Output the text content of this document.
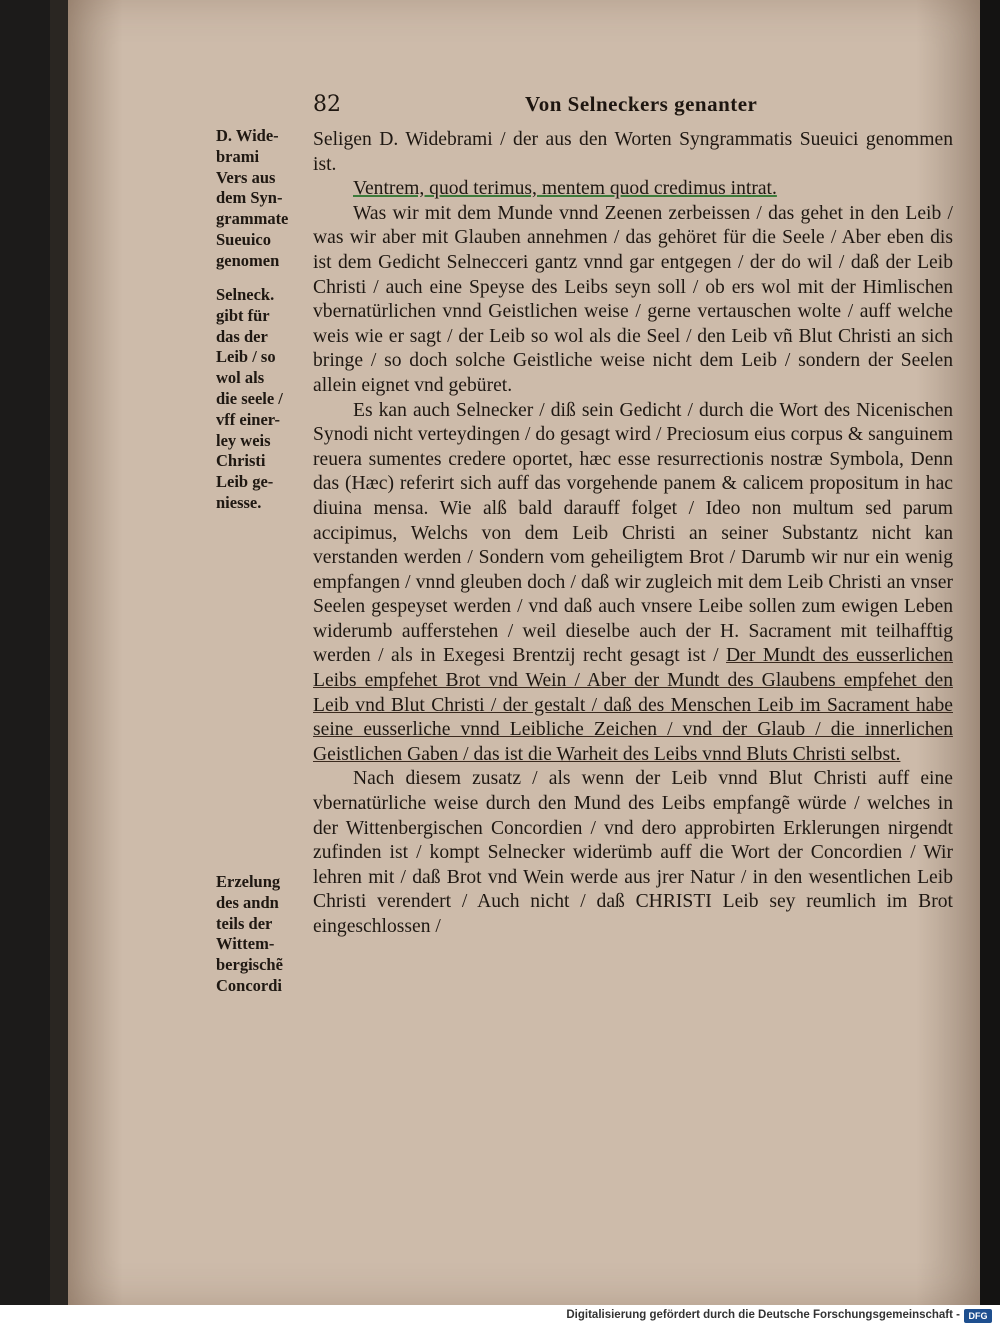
82	Von Selneckers genanter
D. Wide-
brami
Vers aus
dem Syn-
grammate
Sueuico
genomen
Selneck.
gibt für
das der
Leib / so
wol als
die seele /
vff einer-
ley weis
Christi
Leib ge-
niesse.
Erzelung
des andn
teils der
Wittem-
bergischẽ
Concordi

Seligen D. Widebrami / der aus den Worten Syngrammatis Sueuici genommen ist.

Ventrem, quod terimus, mentem quod credimus intrat.

Was wir mit dem Munde vnnd Zeenen zerbeissen / das gehet in den Leib / was wir aber mit Glauben annehmen / das gehöret für die Seele / Aber eben dis ist dem Gedicht Selnecceri gantz vnnd gar entgegen / der do wil / daß der Leib Christi / auch eine Speyse des Leibs seyn soll / ob ers wol mit der Himlischen vbernatürlichen vnnd Geistlichen weise / gerne vertauschen wolte / auff welche weis wie er sagt / der Leib so wol als die Seel / den Leib vñ Blut Christi an sich bringe / so doch solche Geistliche weise nicht dem Leib / sondern der Seelen allein eignet vnd gebüret.

Es kan auch Selnecker / diß sein Gedicht / durch die Wort des Nicenischen Synodi nicht verteydingen / do gesagt wird / Preciosum eius corpus & sanguinem reuera sumentes credere oportet, hæc esse resurrectionis nostræ Symbola, Denn das (Hæc) referirt sich auff das vorgehende panem & calicem propositum in hac diuina mensa. Wie alß bald darauff folget / Ideo non multum sed parum accipimus, Welchs von dem Leib Christi an seiner Substantz nicht kan verstanden werden / Sondern vom geheiligtem Brot / Darumb wir nur ein wenig empfangen / vnnd gleuben doch / daß wir zugleich mit dem Leib Christi an vnser Seelen gespeyset werden / vnd daß auch vnsere Leibe sollen zum ewigen Leben widerumb aufferstehen / weil dieselbe auch der H. Sacrament mit teilhafftig werden / als in Exegesi Brentzij recht gesagt ist / Der Mundt des eusserlichen Leibs empfehet Brot vnd Wein / Aber der Mundt des Glaubens empfehet den Leib vnd Blut Christi / der gestalt / daß des Menschen Leib im Sacrament habe seine eusserliche vnnd Leibliche Zeichen / vnd der Glaub / die innerlichen Geistlichen Gaben / das ist die Warheit des Leibs vnnd Bluts Christi selbst.

Nach diesem zusatz / als wenn der Leib vnnd Blut Christi auff eine vbernatürliche weise durch den Mund des Leibs empfangẽ würde / welches in der Wittenbergischen Concordien / vnd dero approbirten Erklerungen nirgendt zufinden ist / kompt Selnecker widerümb auff die Wort der Concordien / Wir lehren mit / daß Brot vnd Wein werde aus jrer Natur / in den wesentlichen Leib Christi verendert / Auch nicht / daß CHRISTI Leib sey reumlich im Brot eingeschlossen /

Digitalisierung gefördert durch die Deutsche Forschungsgemeinschaft - DFG
